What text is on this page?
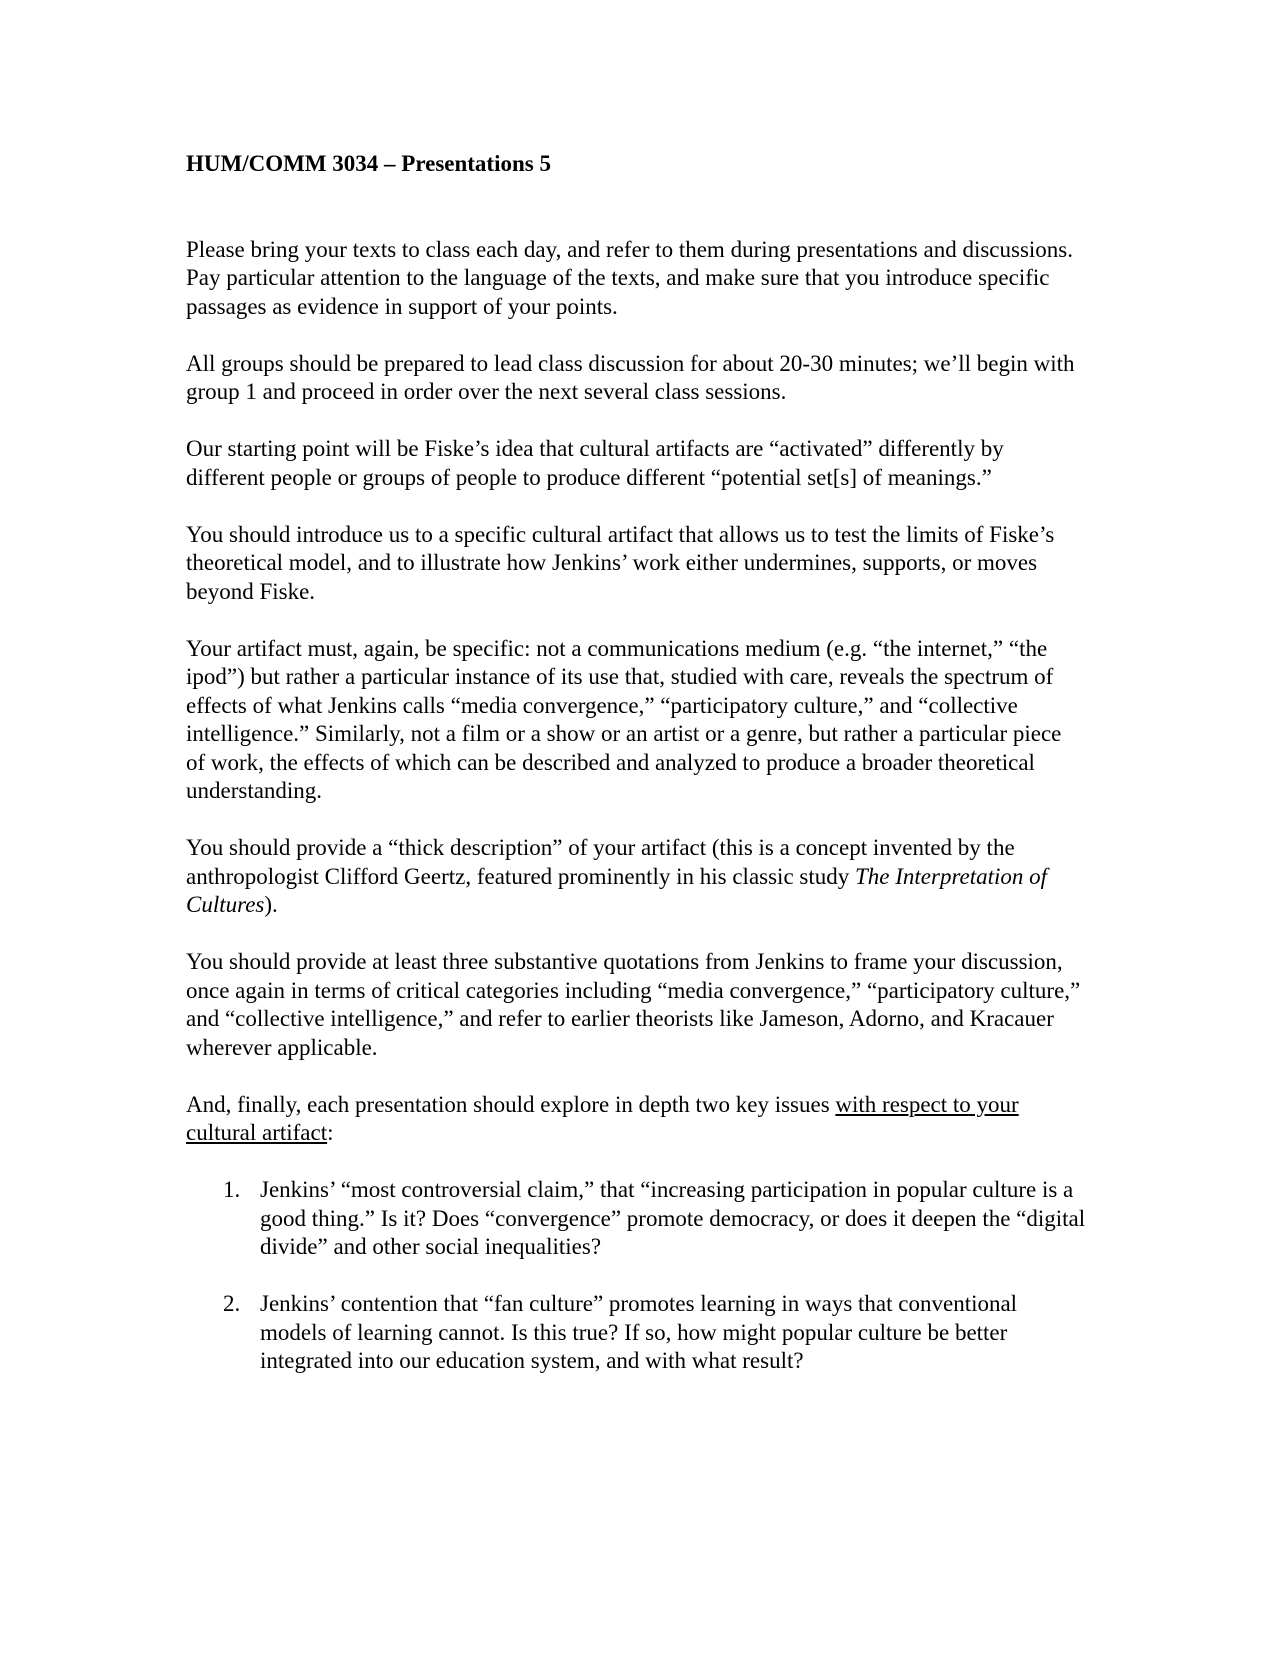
HUM/COMM 3034 – Presentations 5

Please bring your texts to class each day, and refer to them during presentations and discussions. Pay particular attention to the language of the texts, and make sure that you introduce specific passages as evidence in support of your points.

All groups should be prepared to lead class discussion for about 20-30 minutes; we’ll begin with group 1 and proceed in order over the next several class sessions.

Our starting point will be Fiske’s idea that cultural artifacts are “activated” differently by different people or groups of people to produce different “potential set[s] of meanings.”

You should introduce us to a specific cultural artifact that allows us to test the limits of Fiske’s theoretical model, and to illustrate how Jenkins’ work either undermines, supports, or moves beyond Fiske.

Your artifact must, again, be specific: not a communications medium (e.g. “the internet,” “the ipod”) but rather a particular instance of its use that, studied with care, reveals the spectrum of effects of what Jenkins calls “media convergence,” “participatory culture,” and “collective intelligence.” Similarly, not a film or a show or an artist or a genre, but rather a particular piece of work, the effects of which can be described and analyzed to produce a broader theoretical understanding.

You should provide a “thick description” of your artifact (this is a concept invented by the anthropologist Clifford Geertz, featured prominently in his classic study The Interpretation of Cultures).

You should provide at least three substantive quotations from Jenkins to frame your discussion, once again in terms of critical categories including “media convergence,” “participatory culture,” and “collective intelligence,” and refer to earlier theorists like Jameson, Adorno, and Kracauer wherever applicable.

And, finally, each presentation should explore in depth two key issues with respect to your cultural artifact:

1. Jenkins’ “most controversial claim,” that “increasing participation in popular culture is a good thing.” Is it? Does “convergence” promote democracy, or does it deepen the “digital divide” and other social inequalities?
2. Jenkins’ contention that “fan culture” promotes learning in ways that conventional models of learning cannot. Is this true? If so, how might popular culture be better integrated into our education system, and with what result?
